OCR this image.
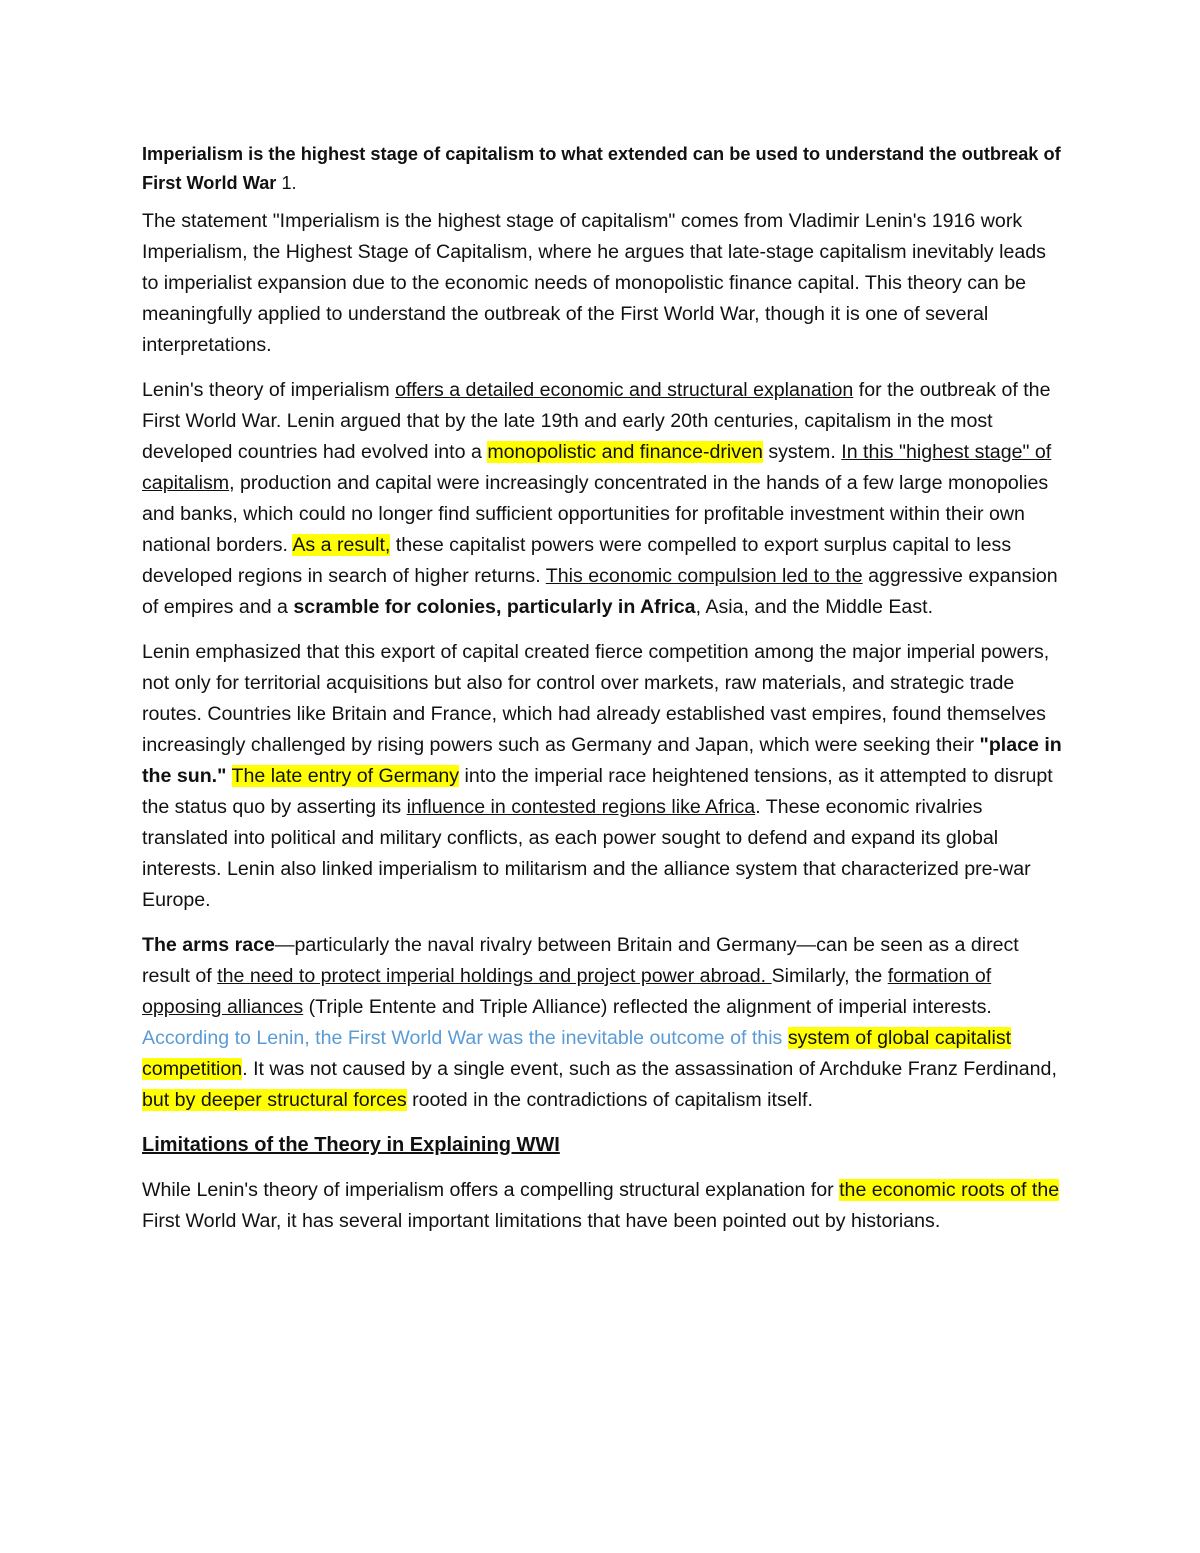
Imperialism is the highest stage of capitalism to what extended can be used to understand the outbreak of First World War 1.

The statement "Imperialism is the highest stage of capitalism" comes from Vladimir Lenin's 1916 work Imperialism, the Highest Stage of Capitalism, where he argues that late-stage capitalism inevitably leads to imperialist expansion due to the economic needs of monopolistic finance capital. This theory can be meaningfully applied to understand the outbreak of the First World War, though it is one of several interpretations.

Lenin's theory of imperialism offers a detailed economic and structural explanation for the outbreak of the First World War. Lenin argued that by the late 19th and early 20th centuries, capitalism in the most developed countries had evolved into a monopolistic and finance-driven system. In this "highest stage" of capitalism, production and capital were increasingly concentrated in the hands of a few large monopolies and banks, which could no longer find sufficient opportunities for profitable investment within their own national borders. As a result, these capitalist powers were compelled to export surplus capital to less developed regions in search of higher returns. This economic compulsion led to the aggressive expansion of empires and a scramble for colonies, particularly in Africa, Asia, and the Middle East.

Lenin emphasized that this export of capital created fierce competition among the major imperial powers, not only for territorial acquisitions but also for control over markets, raw materials, and strategic trade routes. Countries like Britain and France, which had already established vast empires, found themselves increasingly challenged by rising powers such as Germany and Japan, which were seeking their "place in the sun." The late entry of Germany into the imperial race heightened tensions, as it attempted to disrupt the status quo by asserting its influence in contested regions like Africa. These economic rivalries translated into political and military conflicts, as each power sought to defend and expand its global interests. Lenin also linked imperialism to militarism and the alliance system that characterized pre-war Europe.

The arms race—particularly the naval rivalry between Britain and Germany—can be seen as a direct result of the need to protect imperial holdings and project power abroad. Similarly, the formation of opposing alliances (Triple Entente and Triple Alliance) reflected the alignment of imperial interests. According to Lenin, the First World War was the inevitable outcome of this system of global capitalist competition. It was not caused by a single event, such as the assassination of Archduke Franz Ferdinand, but by deeper structural forces rooted in the contradictions of capitalism itself.

Limitations of the Theory in Explaining WWI

While Lenin's theory of imperialism offers a compelling structural explanation for the economic roots of the First World War, it has several important limitations that have been pointed out by historians.
